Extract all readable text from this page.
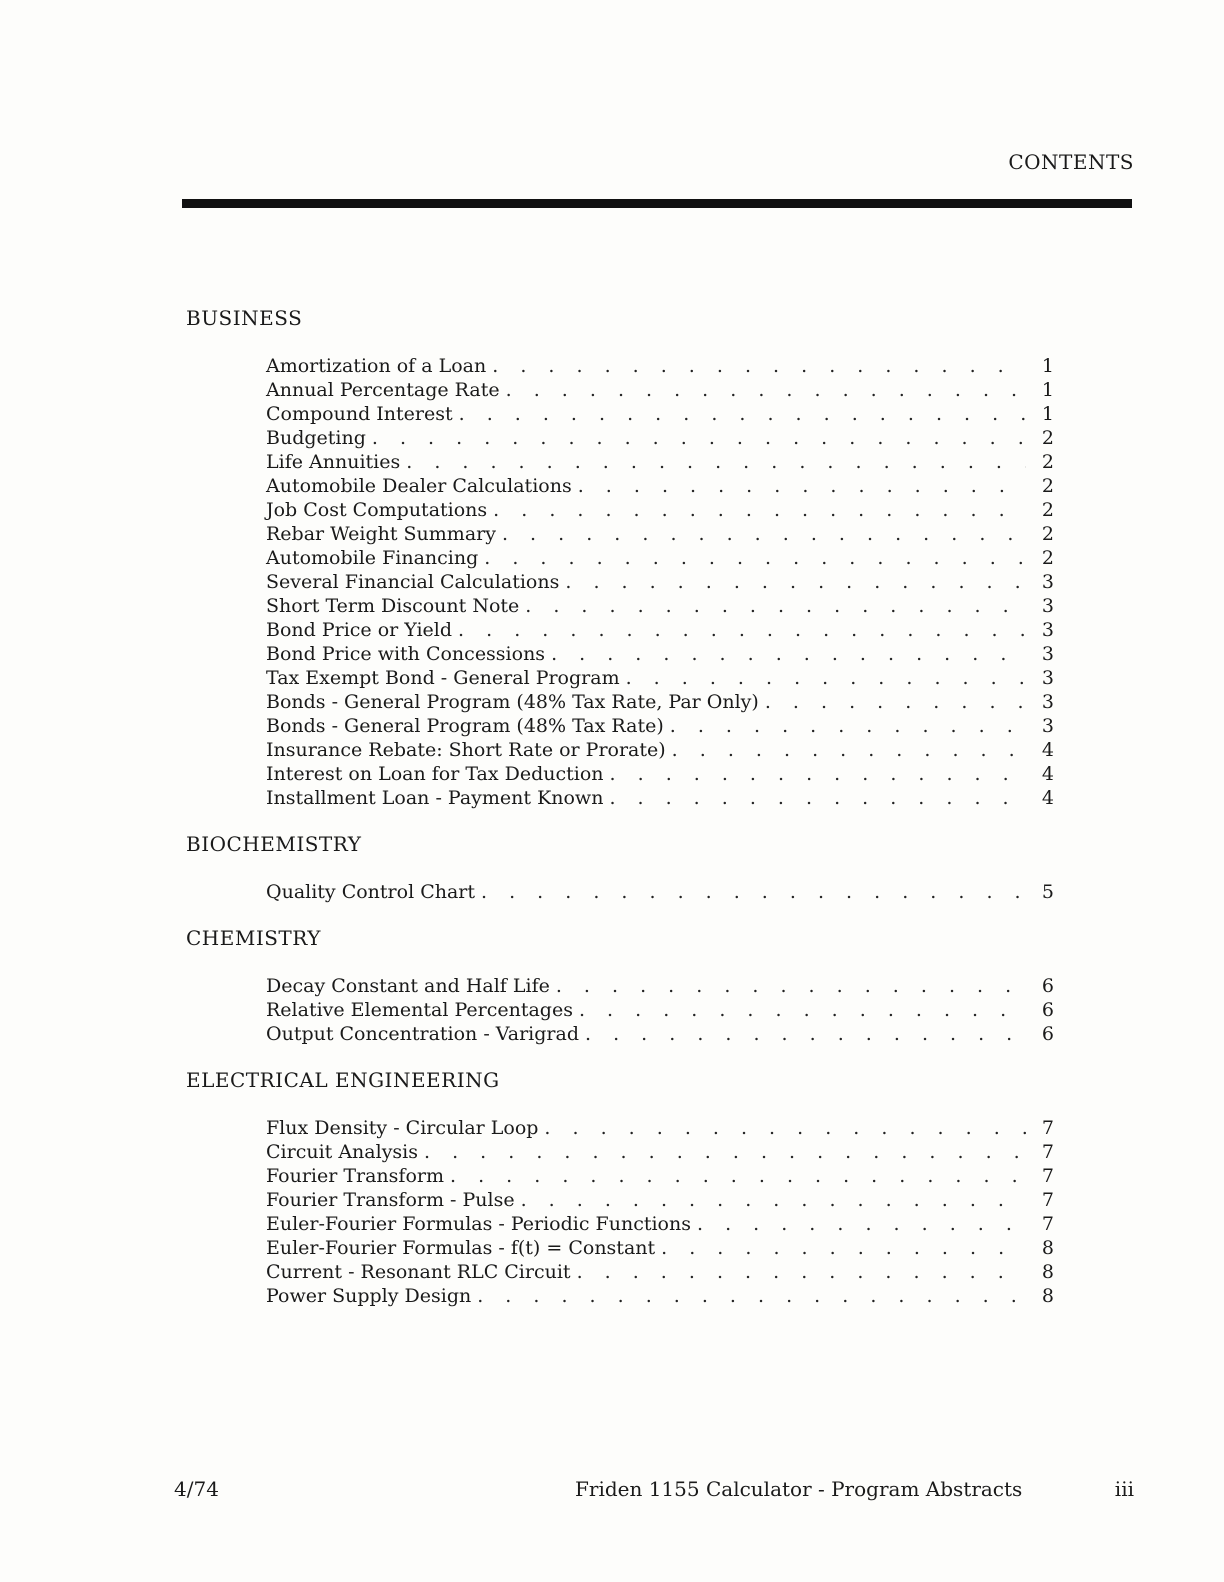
CONTENTS
BUSINESS
Amortization of a Loan . . .	1
Annual Percentage Rate . . .	1
Compound Interest . . .	1
Budgeting . . .	2
Life Annuities . . .	2
Automobile Dealer Calculations . . .	2
Job Cost Computations . . .	2
Rebar Weight Summary . . .	2
Automobile Financing . . .	2
Several Financial Calculations . . .	3
Short Term Discount Note . . .	3
Bond Price or Yield . . .	3
Bond Price with Concessions . . .	3
Tax Exempt Bond - General Program . . .	3
Bonds - General Program (48% Tax Rate, Par Only) . . .	3
Bonds - General Program (48% Tax Rate) . . .	3
Insurance Rebate: Short Rate or Prorate) . . .	4
Interest on Loan for Tax Deduction . . .	4
Installment Loan - Payment Known . . .	4
BIOCHEMISTRY
Quality Control Chart . . .	5
CHEMISTRY
Decay Constant and Half Life . . .	6
Relative Elemental Percentages . . .	6
Output Concentration - Varigrad . . .	6
ELECTRICAL ENGINEERING
Flux Density - Circular Loop . . .	7
Circuit Analysis . . .	7
Fourier Transform . . .	7
Fourier Transform - Pulse . . .	7
Euler-Fourier Formulas - Periodic Functions . . .	7
Euler-Fourier Formulas - f(t) = Constant . . .	8
Current - Resonant RLC Circuit . . .	8
Power Supply Design . . .	8
4/74	Friden 1155 Calculator - Program Abstracts	iii
